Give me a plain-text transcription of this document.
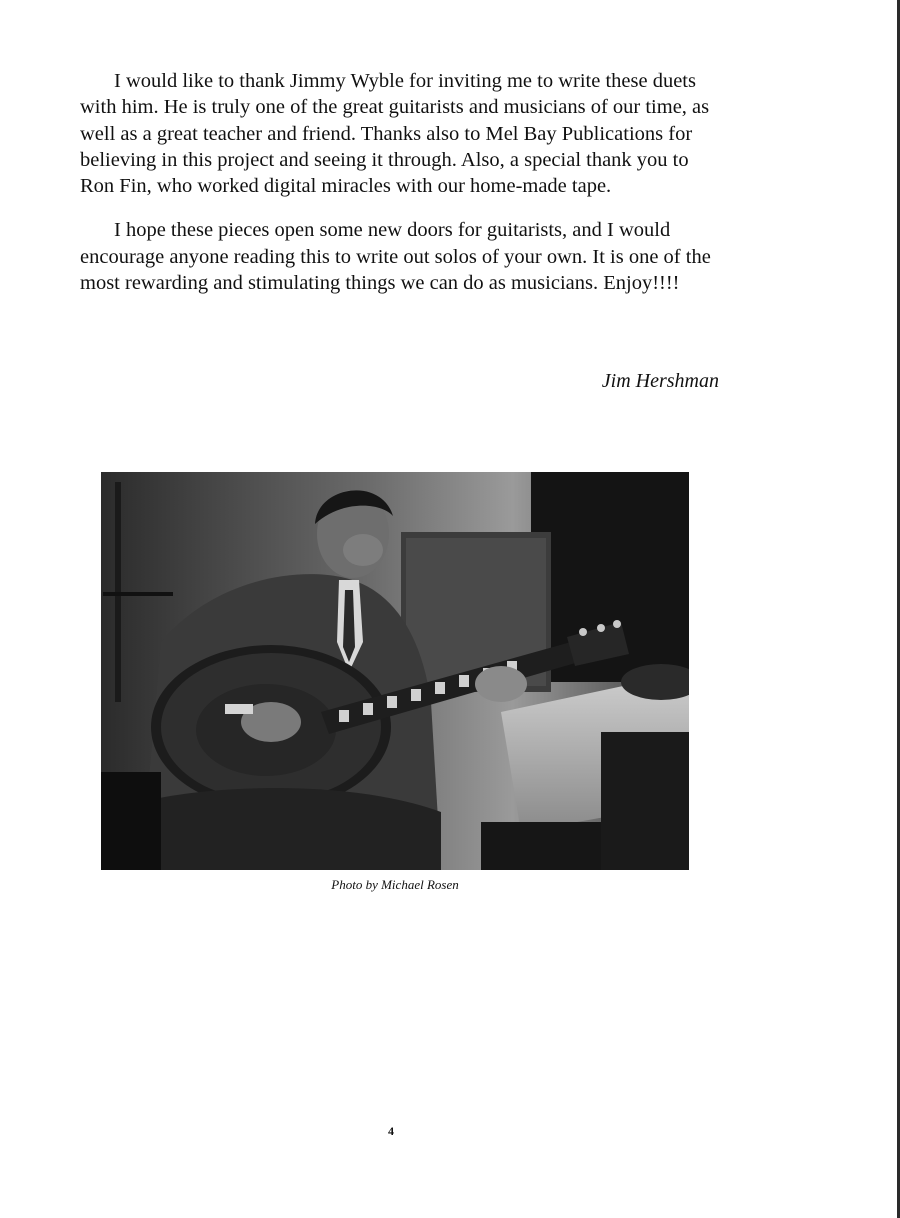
I would like to thank Jimmy Wyble for inviting me to write these duets with him. He is truly one of the great guitarists and musicians of our time, as well as a great teacher and friend. Thanks also to Mel Bay Publications for believing in this project and seeing it through. Also, a special thank you to Ron Fin, who worked digital miracles with our home-made tape.

I hope these pieces open some new doors for guitarists, and I would encourage anyone reading this to write out solos of your own. It is one of the most rewarding and stimulating things we can do as musicians. Enjoy!!!!

Jim Hershman
Photo by Michael Rosen
4
